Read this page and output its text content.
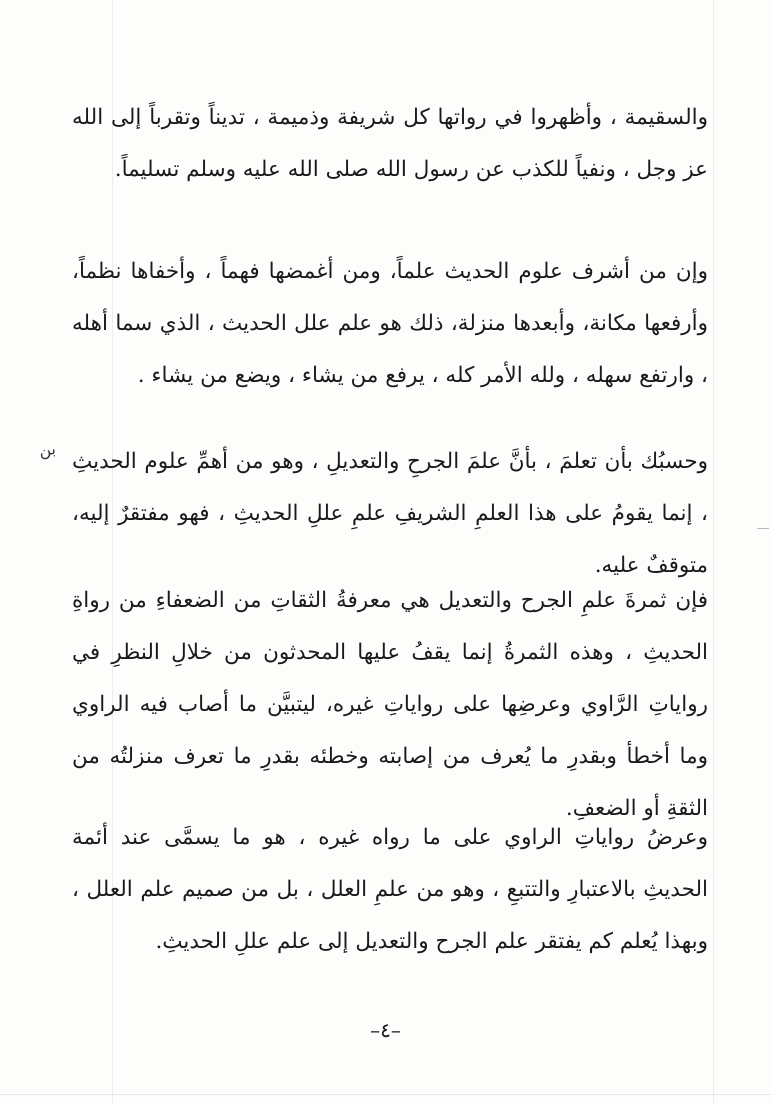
والسقيمة ، وأظهروا في رواتها كل شريفة وذميمة ، تديناً وتقرباً إلى الله عز وجل ، ونفياً للكذب عن رسول الله صلى الله عليه وسلم تسليماً.

وإن من أشرف علوم الحديث علماً، ومن أغمضها فهماً ، وأخفاها نظماً، وأرفعها مكانة، وأبعدها منزلة، ذلك هو علم علل الحديث ، الذي سما أهله ، وارتفع سهله ، ولله الأمر كله ، يرفع من يشاء ، ويضع من يشاء .

بن وحسبُك بأن تعلمَ ، بأنَّ علمَ الجرحِ والتعديلِ ، وهو من أهمِّ علوم الحديثِ ، إنما يقومُ على هذا العلمِ الشريفِ علمِ عللِ الحديثِ ، فهو مفتقرٌ إليه، متوقفٌ عليه.

فإن ثمرةَ علمِ الجرح والتعديل هي معرفةُ الثقاتِ من الضعفاءِ من رواةِ الحديثِ ، وهذه الثمرةُ إنما يقفُ عليها المحدثون من خلالِ النظرِ في رواياتِ الرَّاوي وعرضِها على رواياتِ غيره، ليتبيَّن ما أصاب فيه الراوي وما أخطأ وبقدرِ ما يُعرف من إصابته وخطئه بقدرِ ما تعرف منزلتُه من الثقةِ أو الضعفِ.

وعرضُ رواياتِ الراوي على ما رواه غيره ، هو ما يسمَّى عند أئمة الحديثِ بالاعتبارِ والتتبعِ ، وهو من علمِ العلل ، بل من صميم علم العلل ، وبهذا يُعلم كم يفتقر علم الجرح والتعديل إلى علم عللِ الحديثِ.

–٤–
